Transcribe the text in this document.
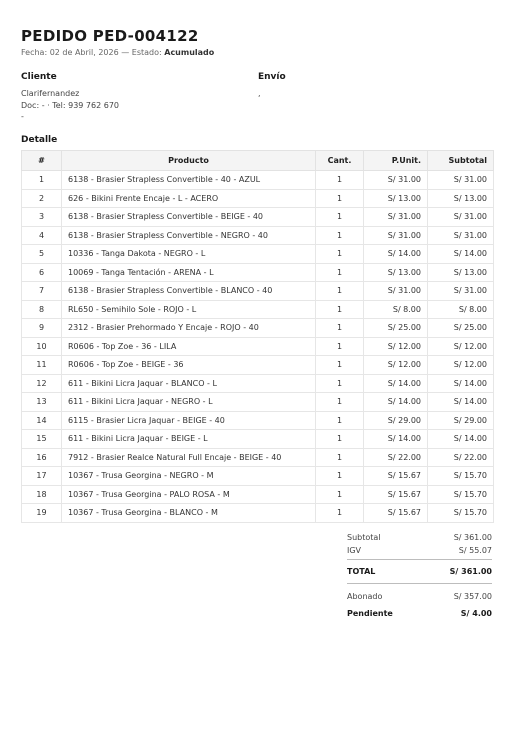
PEDIDO PED-004122
Fecha: 02 de Abril, 2026 — Estado: Acumulado
Cliente
Clarifernandez
Doc: - · Tel: 939 762 670
-
Envío
,
Detalle
#	Producto	Cant.	P.Unit.	Subtotal
1	6138 - Brasier Strapless Convertible - 40 - AZUL	1	S/ 31.00	S/ 31.00
2	626 - Bikini Frente Encaje - L - ACERO	1	S/ 13.00	S/ 13.00
3	6138 - Brasier Strapless Convertible - BEIGE - 40	1	S/ 31.00	S/ 31.00
4	6138 - Brasier Strapless Convertible - NEGRO - 40	1	S/ 31.00	S/ 31.00
5	10336 - Tanga Dakota - NEGRO - L	1	S/ 14.00	S/ 14.00
6	10069 - Tanga Tentación - ARENA - L	1	S/ 13.00	S/ 13.00
7	6138 - Brasier Strapless Convertible - BLANCO - 40	1	S/ 31.00	S/ 31.00
8	RL650 - Semihilo Sole - ROJO - L	1	S/ 8.00	S/ 8.00
9	2312 - Brasier Prehormado Y Encaje - ROJO - 40	1	S/ 25.00	S/ 25.00
10	R0606 - Top Zoe - 36 - LILA	1	S/ 12.00	S/ 12.00
11	R0606 - Top Zoe - BEIGE - 36	1	S/ 12.00	S/ 12.00
12	611 - Bikini Licra Jaquar - BLANCO - L	1	S/ 14.00	S/ 14.00
13	611 - Bikini Licra Jaquar - NEGRO - L	1	S/ 14.00	S/ 14.00
14	6115 - Brasier Licra Jaquar - BEIGE - 40	1	S/ 29.00	S/ 29.00
15	611 - Bikini Licra Jaquar - BEIGE - L	1	S/ 14.00	S/ 14.00
16	7912 - Brasier Realce Natural Full Encaje - BEIGE - 40	1	S/ 22.00	S/ 22.00
17	10367 - Trusa Georgina - NEGRO - M	1	S/ 15.67	S/ 15.70
18	10367 - Trusa Georgina - PALO ROSA - M	1	S/ 15.67	S/ 15.70
19	10367 - Trusa Georgina - BLANCO - M	1	S/ 15.67	S/ 15.70
Subtotal	S/ 361.00
IGV	S/ 55.07
TOTAL	S/ 361.00
Abonado	S/ 357.00
Pendiente	S/ 4.00
